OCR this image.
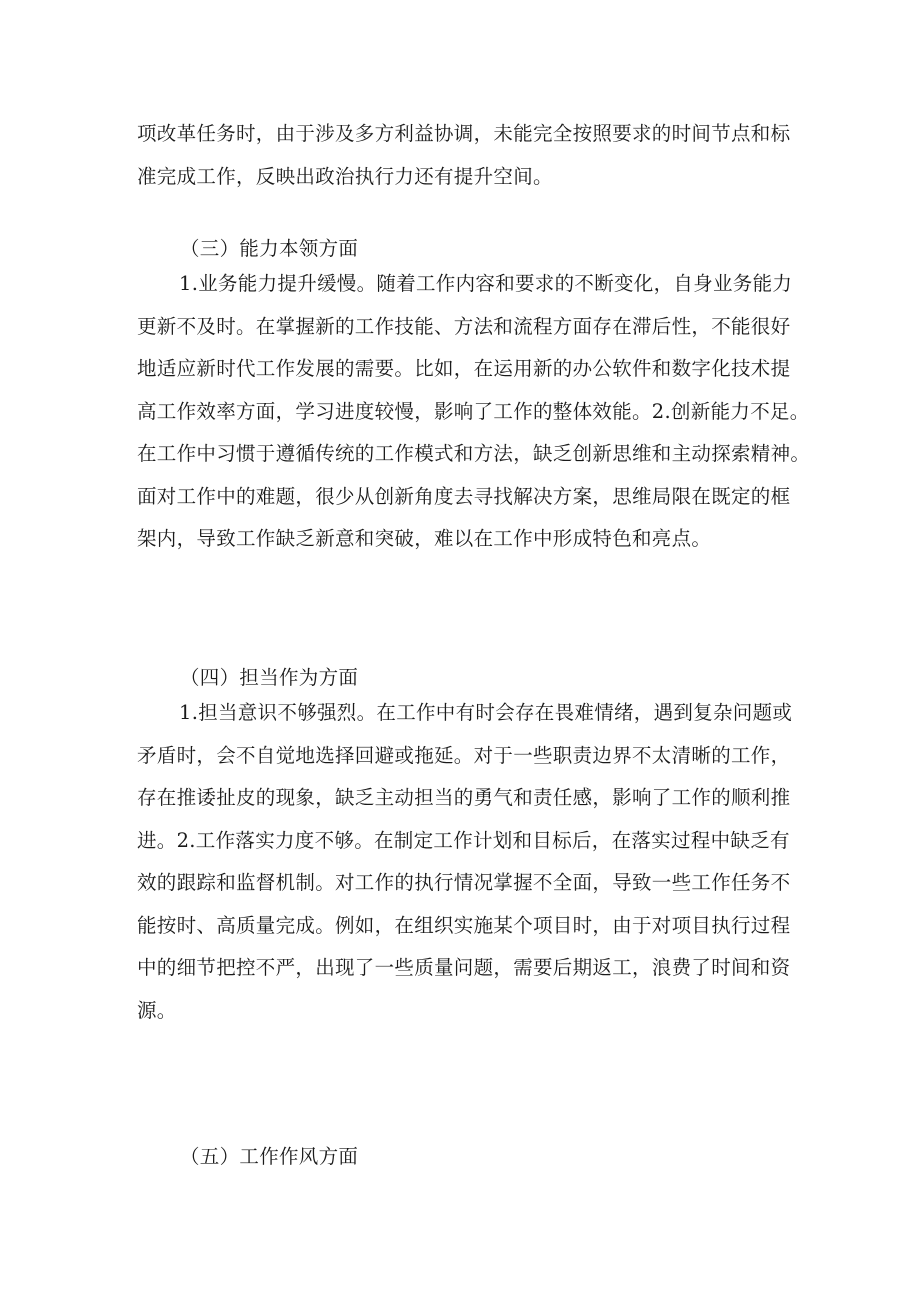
项改革任务时，由于涉及多方利益协调，未能完全按照要求的时间节点和标
准完成工作，反映出政治执行力还有提升空间。
（三）能力本领方面
1.业务能力提升缓慢。随着工作内容和要求的不断变化，自身业务能力
更新不及时。在掌握新的工作技能、方法和流程方面存在滞后性，不能很好
地适应新时代工作发展的需要。比如，在运用新的办公软件和数字化技术提
高工作效率方面，学习进度较慢，影响了工作的整体效能。2.创新能力不足。
在工作中习惯于遵循传统的工作模式和方法，缺乏创新思维和主动探索精神。
面对工作中的难题，很少从创新角度去寻找解决方案，思维局限在既定的框
架内，导致工作缺乏新意和突破，难以在工作中形成特色和亮点。
（四）担当作为方面
1.担当意识不够强烈。在工作中有时会存在畏难情绪，遇到复杂问题或
矛盾时，会不自觉地选择回避或拖延。对于一些职责边界不太清晰的工作，
存在推诿扯皮的现象，缺乏主动担当的勇气和责任感，影响了工作的顺利推
进。2.工作落实力度不够。在制定工作计划和目标后，在落实过程中缺乏有
效的跟踪和监督机制。对工作的执行情况掌握不全面，导致一些工作任务不
能按时、高质量完成。例如，在组织实施某个项目时，由于对项目执行过程
中的细节把控不严，出现了一些质量问题，需要后期返工，浪费了时间和资
源。
（五）工作作风方面
